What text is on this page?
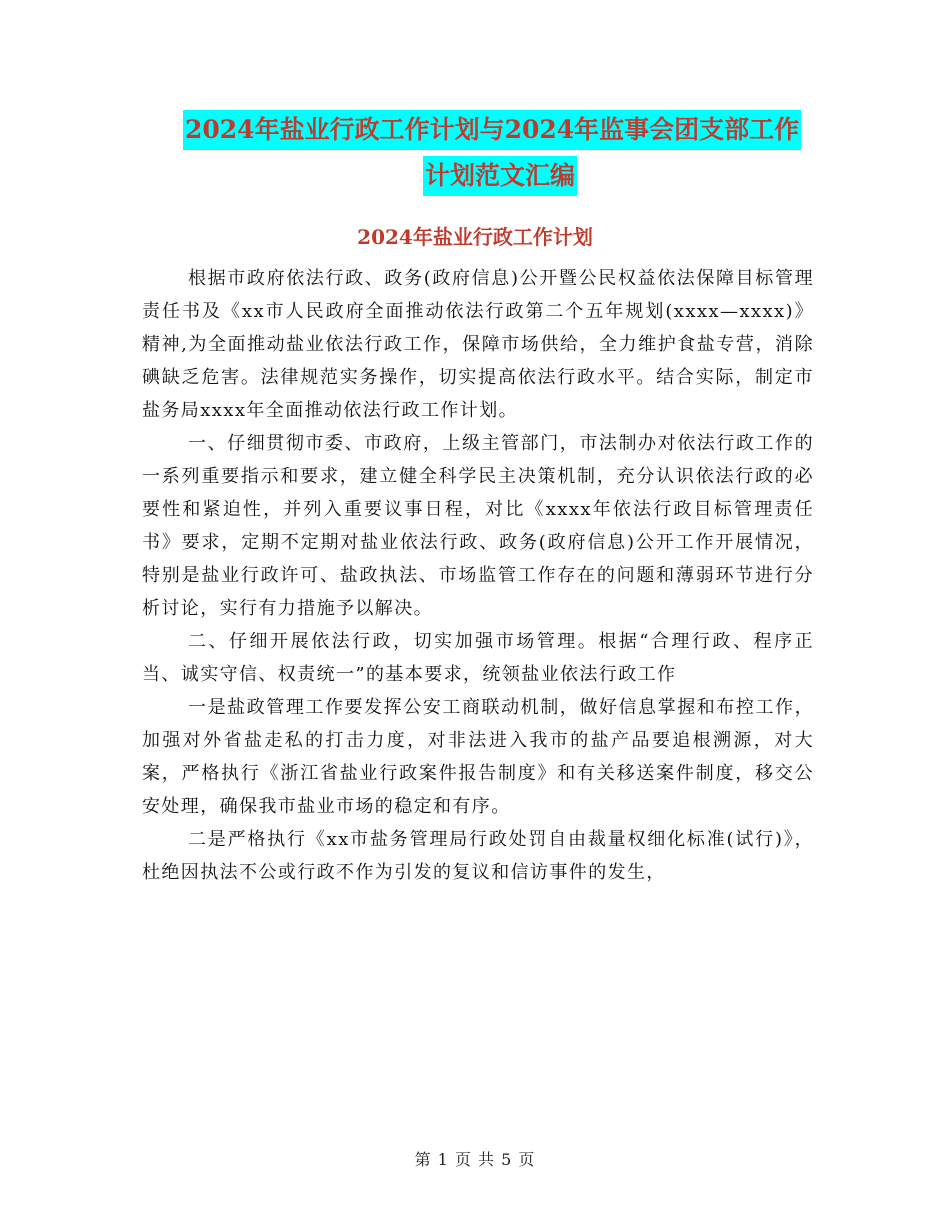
2024年盐业行政工作计划与2024年监事会团支部工作
计划范文汇编
2024年盐业行政工作计划

根据市政府依法行政、政务(政府信息)公开暨公民权益依法保障目标管理责任书及《xx市人民政府全面推动依法行政第二个五年规划(xxxx—xxxx)》精神,为全面推动盐业依法行政工作，保障市场供给，全力维护食盐专营，消除碘缺乏危害。法律规范实务操作，切实提高依法行政水平。结合实际，制定市盐务局xxxx年全面推动依法行政工作计划。

一、仔细贯彻市委、市政府，上级主管部门，市法制办对依法行政工作的一系列重要指示和要求，建立健全科学民主决策机制，充分认识依法行政的必要性和紧迫性，并列入重要议事日程，对比《xxxx年依法行政目标管理责任书》要求，定期不定期对盐业依法行政、政务(政府信息)公开工作开展情况，特别是盐业行政许可、盐政执法、市场监管工作存在的问题和薄弱环节进行分析讨论，实行有力措施予以解决。

二、仔细开展依法行政，切实加强市场管理。根据“合理行政、程序正当、诚实守信、权责统一”的基本要求，统领盐业依法行政工作

一是盐政管理工作要发挥公安工商联动机制，做好信息掌握和布控工作，加强对外省盐走私的打击力度，对非法进入我市的盐产品要追根溯源，对大案，严格执行《浙江省盐业行政案件报告制度》和有关移送案件制度，移交公安处理，确保我市盐业市场的稳定和有序。

二是严格执行《xx市盐务管理局行政处罚自由裁量权细化标准(试行)》，杜绝因执法不公或行政不作为引发的复议和信访事件的发生，

第 1 页 共 5 页
